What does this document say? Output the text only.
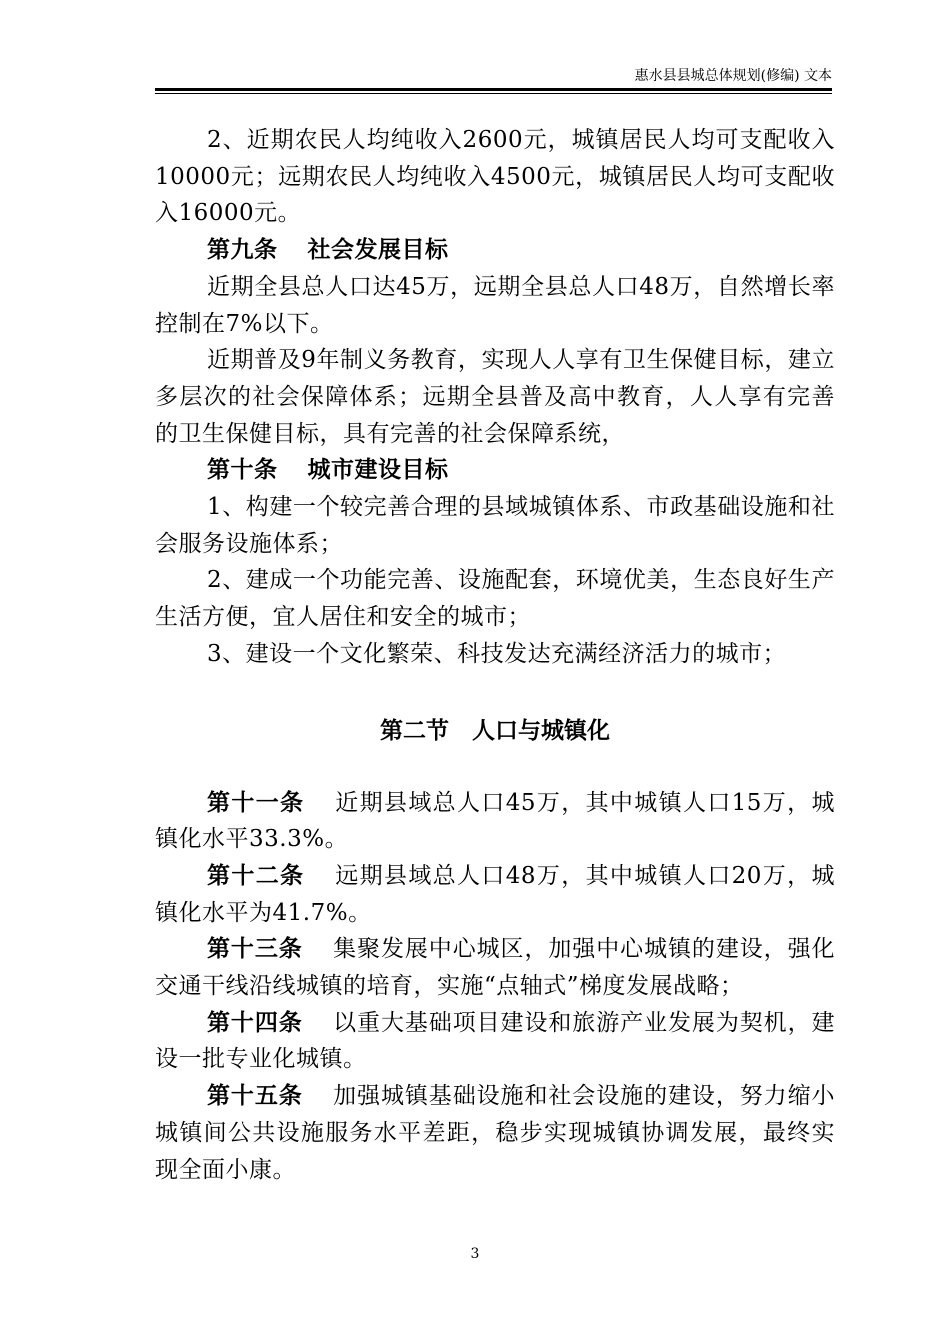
惠水县县城总体规划(修编) 文本

2、近期农民人均纯收入2600元，城镇居民人均可支配收入10000元；远期农民人均纯收入4500元，城镇居民人均可支配收入16000元。

第九条 社会发展目标

近期全县总人口达45万，远期全县总人口48万，自然增长率控制在7%以下。

近期普及9年制义务教育，实现人人享有卫生保健目标，建立多层次的社会保障体系；远期全县普及高中教育，人人享有完善的卫生保健目标，具有完善的社会保障系统，

第十条 城市建设目标

1、构建一个较完善合理的县域城镇体系、市政基础设施和社会服务设施体系；

2、建成一个功能完善、设施配套，环境优美，生态良好生产生活方便，宜人居住和安全的城市；

3、建设一个文化繁荣、科技发达充满经济活力的城市；

第二节　人口与城镇化

第十一条 近期县域总人口45万，其中城镇人口15万，城镇化水平33.3%。

第十二条 远期县域总人口48万，其中城镇人口20万，城镇化水平为41.7%。

第十三条 集聚发展中心城区，加强中心城镇的建设，强化交通干线沿线城镇的培育，实施“点轴式”梯度发展战略；

第十四条 以重大基础项目建设和旅游产业发展为契机，建设一批专业化城镇。

第十五条 加强城镇基础设施和社会设施的建设，努力缩小城镇间公共设施服务水平差距，稳步实现城镇协调发展，最终实现全面小康。

3
